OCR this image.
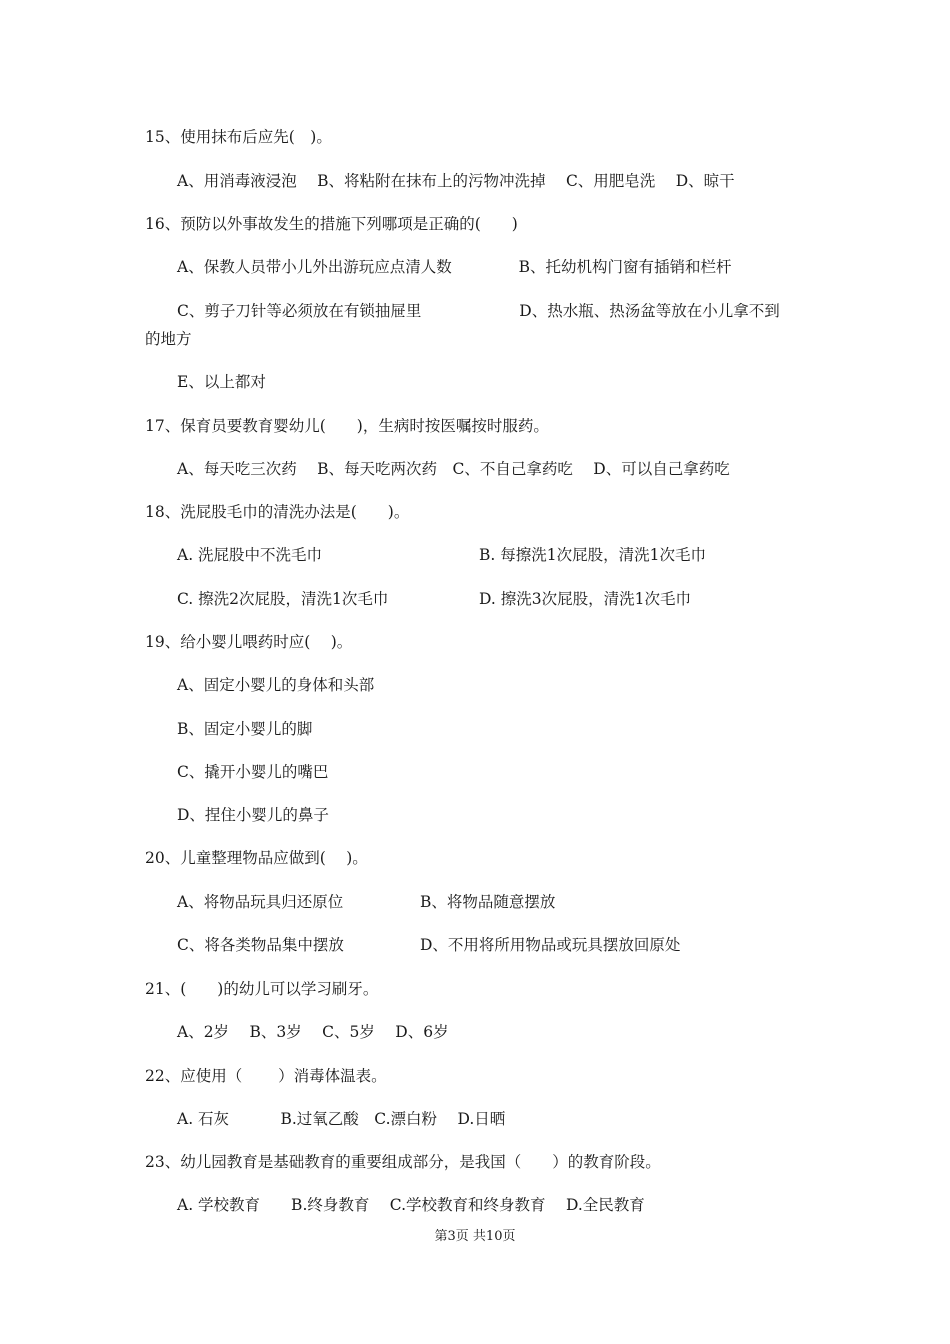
15、使用抹布后应先(　)。
A、用消毒液浸泡　 B、将粘附在抹布上的污物冲洗掉　 C、用肥皂洗　 D、晾干
16、预防以外事故发生的措施下列哪项是正确的(　　)
A、保教人员带小儿外出游玩应点清人数　　　　 B、托幼机构门窗有插销和栏杆
C、剪子刀针等必须放在有锁抽屉里　　　　　　 D、热水瓶、热汤盆等放在小儿拿不到
的地方
E、以上都对
17、保育员要教育婴幼儿(　　)，生病时按医嘱按时服药。
A、每天吃三次药　 B、每天吃两次药　C、不自己拿药吃　 D、可以自己拿药吃
18、洗屁股毛巾的清洗办法是(　　)。
A. 洗屁股中不洗毛巾	B. 每擦洗1次屁股，清洗1次毛巾
C. 擦洗2次屁股，清洗1次毛巾	D. 擦洗3次屁股，清洗1次毛巾
19、给小婴儿喂药时应(　 )。
A、固定小婴儿的身体和头部
B、固定小婴儿的脚
C、撬开小婴儿的嘴巴
D、捏住小婴儿的鼻子
20、儿童整理物品应做到(　 )。
A、将物品玩具归还原位	B、将物品随意摆放
C、将各类物品集中摆放	D、不用将所用物品或玩具摆放回原处
21、(　　)的幼儿可以学习刷牙。
A、2岁　 B、3岁　 C、5岁　 D、6岁
22、应使用（　　 ）消毒体温表。
A. 石灰　　　 B.过氧乙酸　C.漂白粉　 D.日晒
23、幼儿园教育是基础教育的重要组成部分，是我国（　　）的教育阶段。
A. 学校教育　　B.终身教育　 C.学校教育和终身教育　 D.全民教育
第3页 共10页
